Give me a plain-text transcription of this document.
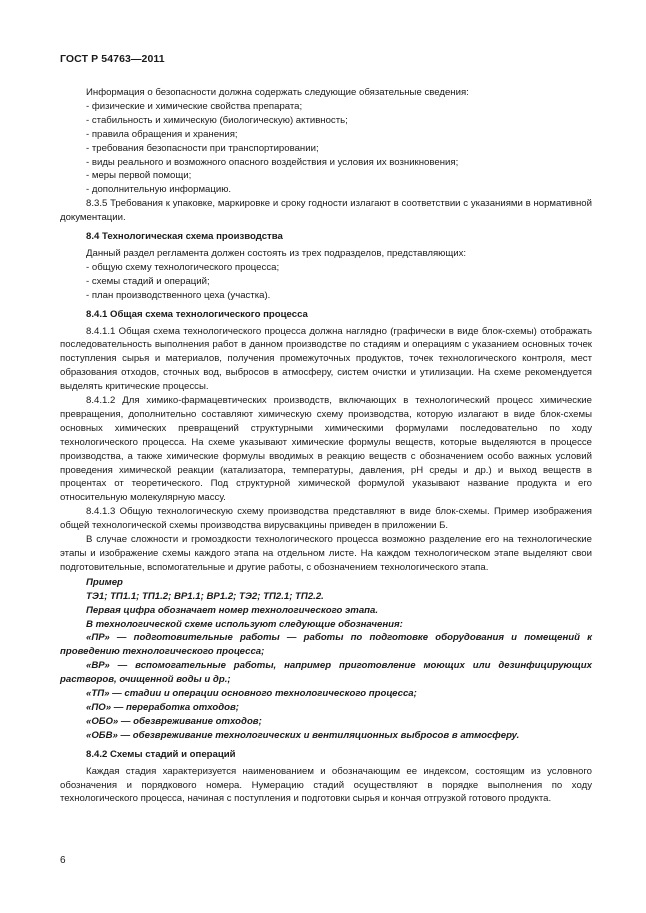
ГОСТ Р 54763—2011

Информация о безопасности должна содержать следующие обязательные сведения:

- физические и химические свойства препарата;

- стабильность и химическую (биологическую) активность;

- правила обращения и хранения;

- требования безопасности при транспортировании;

- виды реального и возможного опасного воздействия и условия их возникновения;

- меры первой помощи;

- дополнительную информацию.

8.3.5 Требования к упаковке, маркировке и сроку годности излагают в соответствии с указаниями в нормативной документации.

8.4 Технологическая схема производства

Данный раздел регламента должен состоять из трех подразделов, представляющих:

- общую схему технологического процесса;

- схемы стадий и операций;

- план производственного цеха (участка).

8.4.1 Общая схема технологического процесса

8.4.1.1 Общая схема технологического процесса должна наглядно (графически в виде блок-схемы) отображать последовательность выполнения работ в данном производстве по стадиям и операциям с указанием основных точек поступления сырья и материалов, получения промежуточных продуктов, точек технологического контроля, мест образования отходов, сточных вод, выбросов в атмосферу, систем очистки и утилизации. На схеме рекомендуется выделять критические процессы.

8.4.1.2 Для химико-фармацевтических производств, включающих в технологический процесс химические превращения, дополнительно составляют химическую схему производства, которую излагают в виде блок-схемы основных химических превращений структурными химическими формулами последовательно по ходу технологического процесса. На схеме указывают химические формулы веществ, которые выделяются в процессе производства, а также химические формулы вводимых в реакцию веществ с обозначением особо важных условий проведения химической реакции (катализатора, температуры, давления, pH среды и др.) и выход веществ в процентах от теоретического. Под структурной химической формулой указывают название продукта и его относительную молекулярную массу.

8.4.1.3 Общую технологическую схему производства представляют в виде блок-схемы. Пример изображения общей технологической схемы производства вирусвакцины приведен в приложении Б.

В случае сложности и громоздкости технологического процесса возможно разделение его на технологические этапы и изображение схемы каждого этапа на отдельном листе. На каждом технологическом этапе выделяют свои подготовительные, вспомогательные и другие работы, с обозначением технологического этапа.

Пример

ТЭ1; ТП1.1; ТП1.2; ВР1.1; ВР1.2; ТЭ2; ТП2.1; ТП2.2.

Первая цифра обозначает номер технологического этапа.

В технологической схеме используют следующие обозначения:

«ПР» — подготовительные работы — работы по подготовке оборудования и помещений к проведению технологического процесса;

«ВР» — вспомогательные работы, например приготовление моющих или дезинфицирующих растворов, очищенной воды и др.;

«ТП» — стадии и операции основного технологического процесса;

«ПО» — переработка отходов;

«ОБО» — обезвреживание отходов;

«ОБВ» — обезвреживание технологических и вентиляционных выбросов в атмосферу.

8.4.2 Схемы стадий и операций

Каждая стадия характеризуется наименованием и обозначающим ее индексом, состоящим из условного обозначения и порядкового номера. Нумерацию стадий осуществляют в порядке выполнения по ходу технологического процесса, начиная с поступления и подготовки сырья и кончая отгрузкой готового продукта.

6
